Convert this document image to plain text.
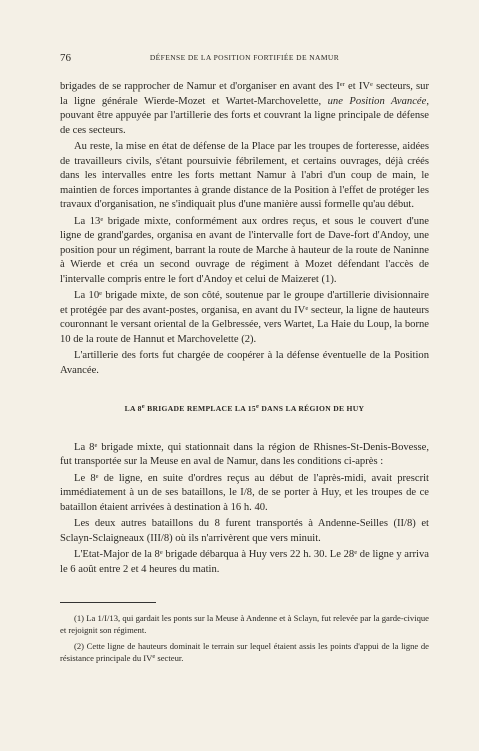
76	DÉFENSE DE LA POSITION FORTIFIÉE DE NAMUR

brigades de se rapprocher de Namur et d'organiser en avant des Ier et IVe secteurs, sur la ligne générale Wierde-Mozet et Wartet-Marchovelette, une Position Avancée, pouvant être appuyée par l'artillerie des forts et couvrant la ligne principale de défense de ces secteurs.

Au reste, la mise en état de défense de la Place par les troupes de forteresse, aidées de travailleurs civils, s'étant poursuivie fébrilement, et certains ouvrages, déjà créés dans les intervalles entre les forts mettant Namur à l'abri d'un coup de main, le maintien de forces importantes à grande distance de la Position à l'effet de protéger les travaux d'organisation, ne s'indiquait plus d'une manière aussi formelle qu'au début.

La 13e brigade mixte, conformément aux ordres reçus, et sous le couvert d'une ligne de grand'gardes, organisa en avant de l'intervalle fort de Dave-fort d'Andoy, une position pour un régiment, barrant la route de Marche à hauteur de la route de Naninne à Wierde et créa un second ouvrage de régiment à Mozet défendant l'accès de l'intervalle compris entre le fort d'Andoy et celui de Maizeret (1).

La 10e brigade mixte, de son côté, soutenue par le groupe d'artillerie divisionnaire et protégée par des avant-postes, organisa, en avant du IVe secteur, la ligne de hauteurs couronnant le versant oriental de la Gelbressée, vers Wartet, La Haie du Loup, la borne 10 de la route de Hannut et Marchovelette (2).

L'artillerie des forts fut chargée de coopérer à la défense éventuelle de la Position Avancée.

LA 8e BRIGADE REMPLACE LA 15e DANS LA RÉGION DE HUY

La 8e brigade mixte, qui stationnait dans la région de Rhisnes-St-Denis-Bovesse, fut transportée sur la Meuse en aval de Namur, dans les conditions ci-après :

Le 8e de ligne, en suite d'ordres reçus au début de l'après-midi, avait prescrit immédiatement à un de ses bataillons, le I/8, de se porter à Huy, et les troupes de ce bataillon étaient arrivées à destination à 16 h. 40.

Les deux autres bataillons du 8 furent transportés à Andenne-Seilles (II/8) et Sclayn-Sclaigneaux (III/8) où ils n'arrivèrent que vers minuit.

L'Etat-Major de la 8e brigade débarqua à Huy vers 22 h. 30. Le 28e de ligne y arriva le 6 août entre 2 et 4 heures du matin.

(1) La 1/I/13, qui gardait les ponts sur la Meuse à Andenne et à Sclayn, fut relevée par la garde-civique et rejoignit son régiment.

(2) Cette ligne de hauteurs dominait le terrain sur lequel étaient assis les points d'appui de la ligne de résistance principale du IVe secteur.
